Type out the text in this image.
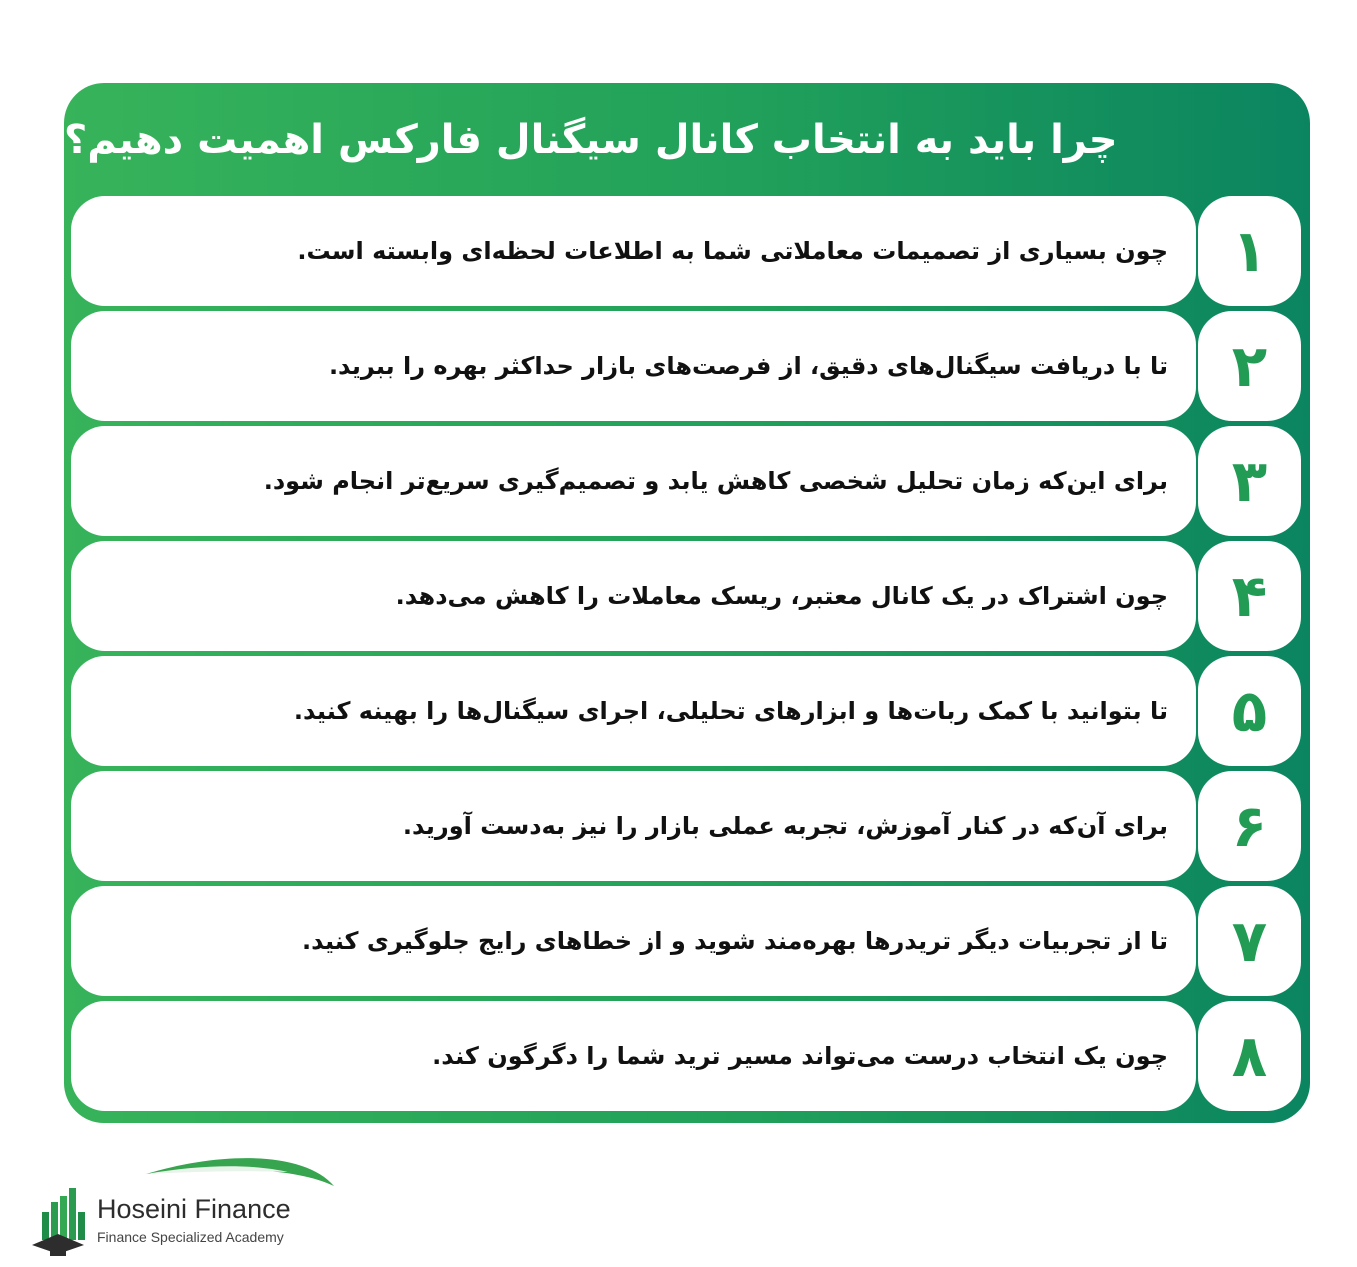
چرا باید به انتخاب کانال سیگنال فارکس اهمیت دهیم؟
چون بسیاری از تصمیمات معاملاتی شما به اطلاعات لحظه‌ای وابسته است.	۱
تا با دریافت سیگنال‌های دقیق، از فرصت‌های بازار حداکثر بهره را ببرید.	۲
برای این‌که زمان تحلیل شخصی کاهش یابد و تصمیم‌گیری سریع‌تر انجام شود.	۳
چون اشتراک در یک کانال معتبر، ریسک معاملات را کاهش می‌دهد.	۴
تا بتوانید با کمک ربات‌ها و ابزارهای تحلیلی، اجرای سیگنال‌ها را بهینه کنید.	۵
برای آن‌که در کنار آموزش، تجربه عملی بازار را نیز به‌دست آورید.	۶
تا از تجربیات دیگر تریدرها بهره‌مند شوید و از خطاهای رایج جلوگیری کنید.	۷
چون یک انتخاب درست می‌تواند مسیر ترید شما را دگرگون کند.	۸
Hoseini Finance
Finance Specialized Academy
